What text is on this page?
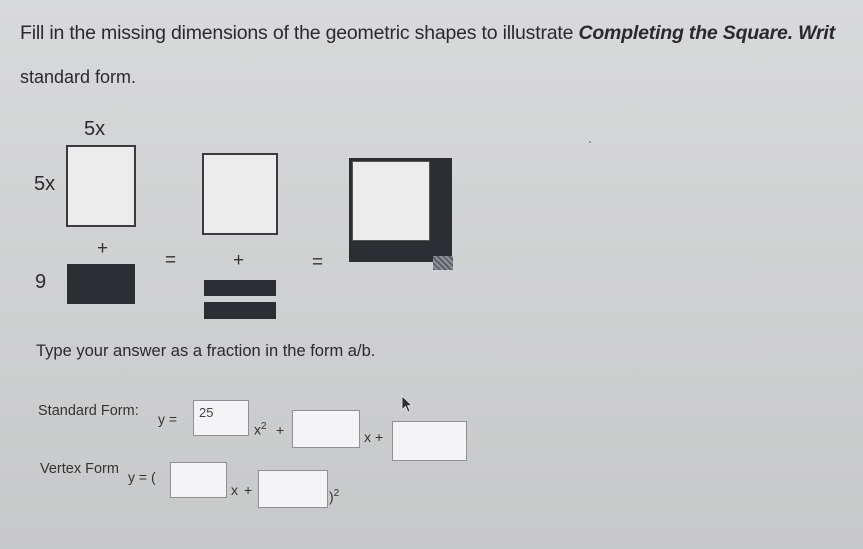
Fill in the missing dimensions of the geometric shapes to illustrate Completing the Square. Writ
standard form.
5x
5x
+
9
=	+	=
Type your answer as a fraction in the form a/b.
Standard Form: y =	25
$x^2$ +	x +
Vertex Form y = (
x +	)$^2$
